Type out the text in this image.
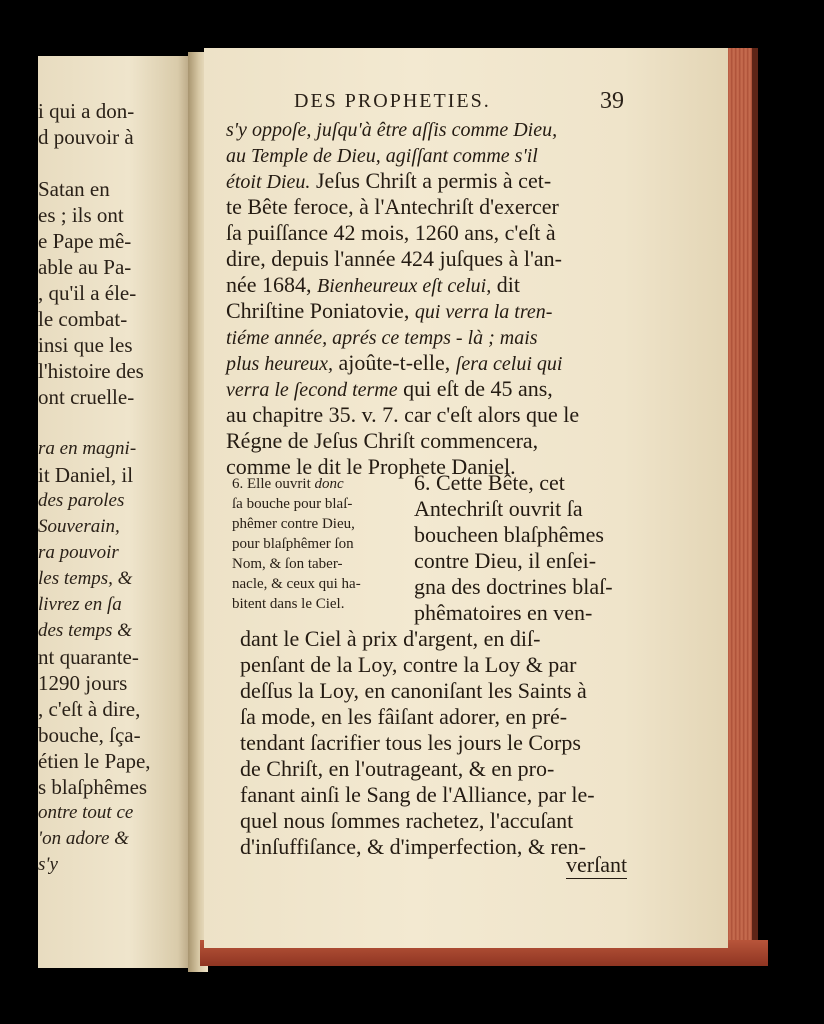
i qui a don-
d pouvoir à
Satan en
es ; ils ont
e Pape mê-
able au Pa-
, qu'il a éle-
le combat-
insi que les
l'histoire des
ont cruelle-
ra en magni-
it Daniel, il
des paroles
Souverain,
ra pouvoir
les temps, &
livrez en ſa
des temps &
nt quarante-
1290 jours
, c'eſt à dire,
bouche, ſça-
étien le Pape,
s blaſphêmes
ontre tout ce
'on adore &
s'y
DES PROPHETIES.	39
s'y oppoſe, juſqu'à être aſſis comme Dieu,
au Temple de Dieu, agiſſant comme s'il
étoit Dieu. Jeſus Chriſt a permis à cet-
te Bête feroce, à l'Antechriſt d'exercer
ſa puiſſance 42 mois, 1260 ans, c'eſt à
dire, depuis l'année 424 juſques à l'an-
née 1684, Bienheureux eſt celui, dit
Chriſtine Poniatovie, qui verra la tren-
tiéme année, aprés ce temps - là ; mais
plus heureux, ajoûte-t-elle, ſera celui qui
verra le ſecond terme qui eſt de 45 ans,
au chapitre 35. v. 7. car c'eſt alors que le
Régne de Jeſus Chriſt commencera,
comme le dit le Prophete Daniel.
6. Elle ouvrit donc
ſa bouche pour blaſ-
phêmer contre Dieu,
pour blaſphêmer ſon
Nom, & ſon taber-
nacle, & ceux qui ha-
bitent dans le Ciel.
6. Cette Bête, cet
Antechriſt ouvrit ſa
boucheen blaſphêmes
contre Dieu, il enſei-
gna des doctrines blaſ-
phêmatoires en ven-
dant le Ciel à prix d'argent, en diſ-
penſant de la Loy, contre la Loy & par
deſſus la Loy, en canoniſant les Saints à
ſa mode, en les fâiſant adorer, en pré-
tendant ſacrifier tous les jours le Corps
de Chriſt, en l'outrageant, & en pro-
fanant ainſi le Sang de l'Alliance, par le-
quel nous ſommes rachetez, l'accuſant
d'inſuffiſance, & d'imperfection, & ren-
verſant
